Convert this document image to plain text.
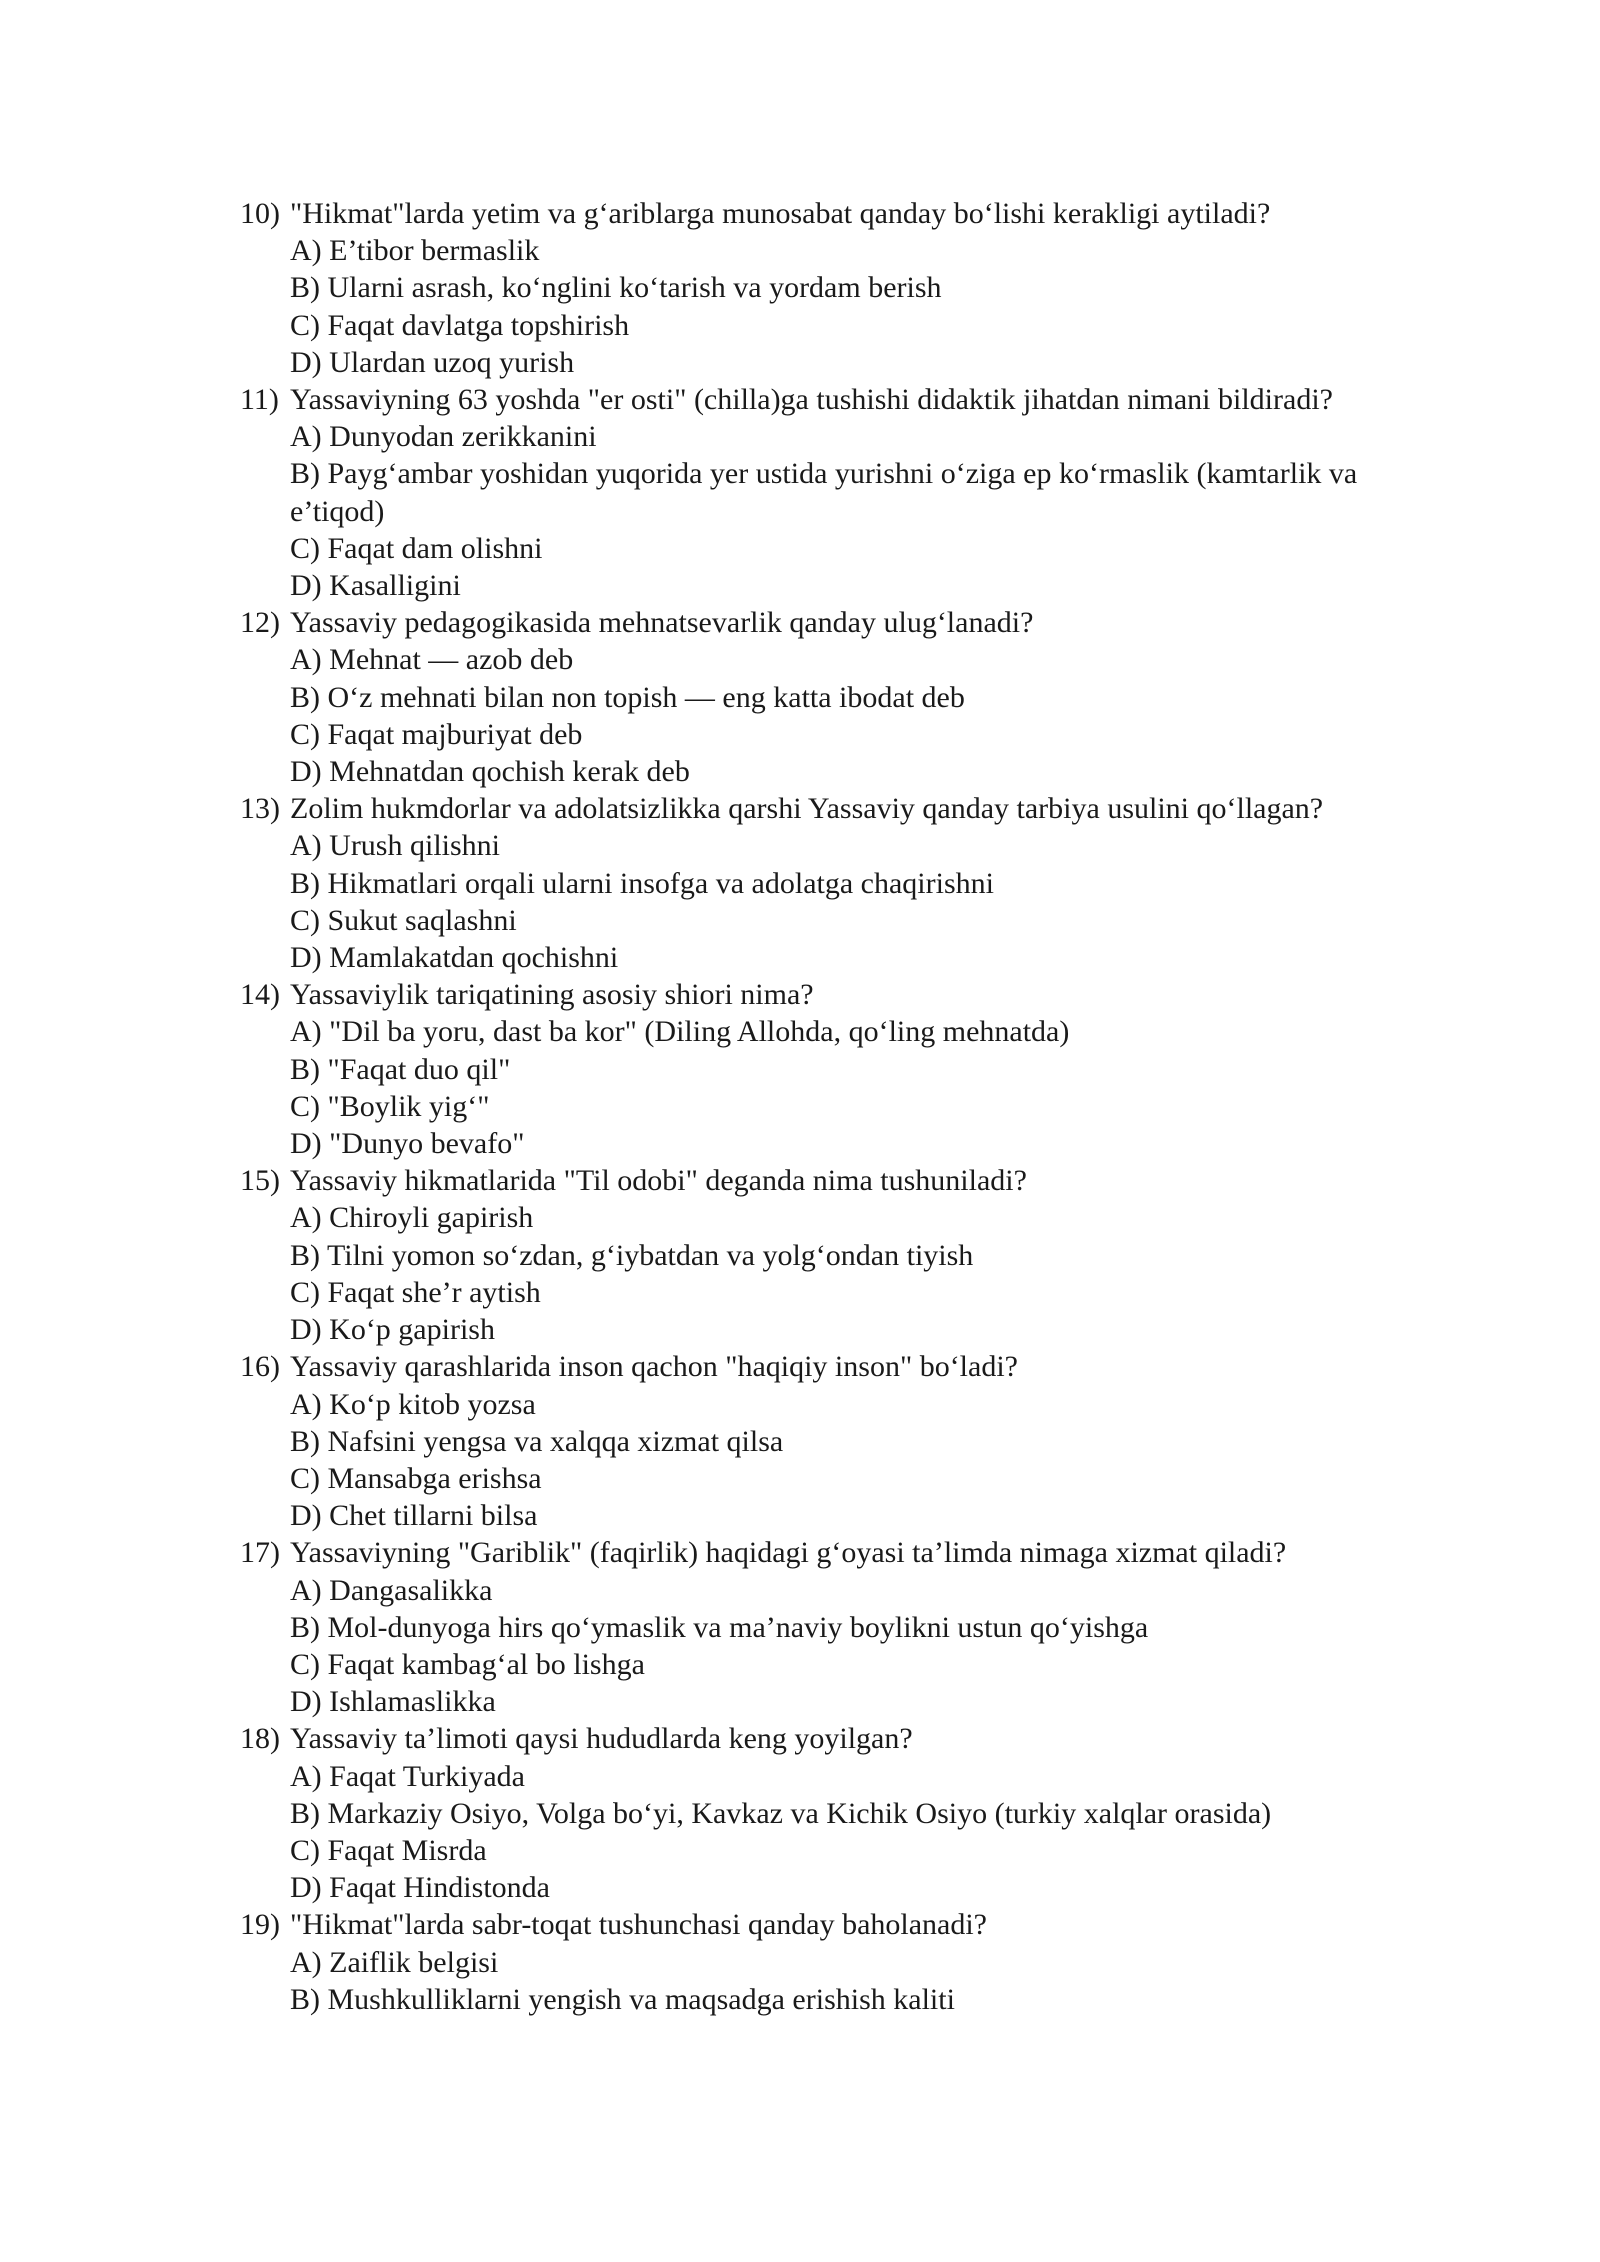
10) "Hikmat"larda yetim va g‘ariblarga munosabat qanday bo‘lishi kerakligi aytiladi?
A) E’tibor bermaslik
B) Ularni asrash, ko‘nglini ko‘tarish va yordam berish
C) Faqat davlatga topshirish
D) Ulardan uzoq yurish
11) Yassaviyning 63 yoshda "er osti" (chilla)ga tushishi didaktik jihatdan nimani bildiradi?
A) Dunyodan zerikkanini
B) Payg‘ambar yoshidan yuqorida yer ustida yurishni o‘ziga ep ko‘rmaslik (kamtarlik va e’tiqod)
C) Faqat dam olishni
D) Kasalligini
12) Yassaviy pedagogikasida mehnatsevarlik qanday ulug‘lanadi?
A) Mehnat — azob deb
B) O‘z mehnati bilan non topish — eng katta ibodat deb
C) Faqat majburiyat deb
D) Mehnatdan qochish kerak deb
13) Zolim hukmdorlar va adolatsizlikka qarshi Yassaviy qanday tarbiya usulini qo‘llagan?
A) Urush qilishni
B) Hikmatlari orqali ularni insofga va adolatga chaqirishni
C) Sukut saqlashni
D) Mamlakatdan qochishni
14) Yassaviylik tariqatining asosiy shiori nima?
A) "Dil ba yoru, dast ba kor" (Diling Allohda, qo‘ling mehnatda)
B) "Faqat duo qil"
C) "Boylik yig‘"
D) "Dunyo bevafo"
15) Yassaviy hikmatlarida "Til odobi" deganda nima tushuniladi?
A) Chiroyli gapirish
B) Tilni yomon so‘zdan, g‘iybatdan va yolg‘ondan tiyish
C) Faqat she’r aytish
D) Ko‘p gapirish
16) Yassaviy qarashlarida inson qachon "haqiqiy inson" bo‘ladi?
A) Ko‘p kitob yozsa
B) Nafsini yengsa va xalqqa xizmat qilsa
C) Mansabga erishsa
D) Chet tillarni bilsa
17) Yassaviyning "Gariblik" (faqirlik) haqidagi g‘oyasi ta’limda nimaga xizmat qiladi?
A) Dangasalikka
B) Mol-dunyoga hirs qo‘ymaslik va ma’naviy boylikni ustun qo‘yishga
C) Faqat kambag‘al bo lishga
D) Ishlamaslikka
18) Yassaviy ta’limoti qaysi hududlarda keng yoyilgan?
A) Faqat Turkiyada
B) Markaziy Osiyo, Volga bo‘yi, Kavkaz va Kichik Osiyo (turkiy xalqlar orasida)
C) Faqat Misrda
D) Faqat Hindistonda
19) "Hikmat"larda sabr-toqat tushunchasi qanday baholanadi?
A) Zaiflik belgisi
B) Mushkulliklarni yengish va maqsadga erishish kaliti
